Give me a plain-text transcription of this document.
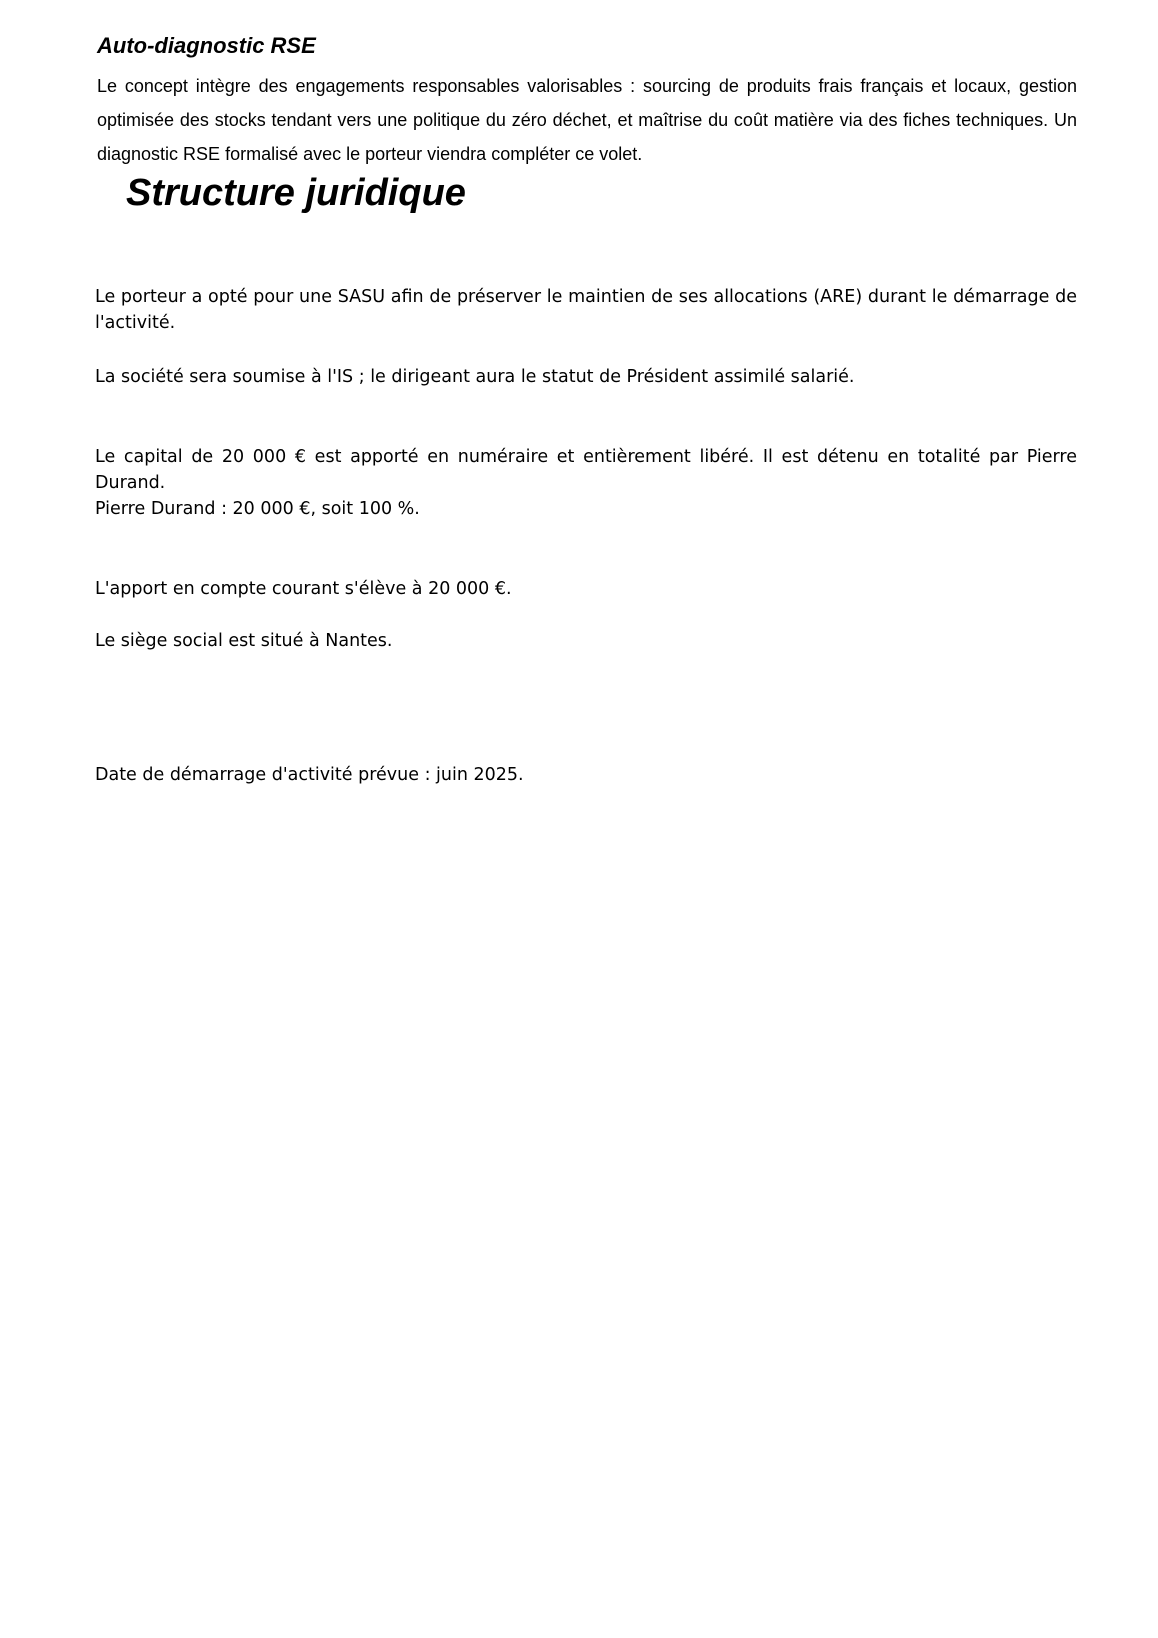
Auto-diagnostic RSE

Le concept intègre des engagements responsables valorisables : sourcing de produits frais français et locaux, gestion optimisée des stocks tendant vers une politique du zéro déchet, et maîtrise du coût matière via des fiches techniques. Un diagnostic RSE formalisé avec le porteur viendra compléter ce volet.

Structure juridique

Le porteur a opté pour une SASU afin de préserver le maintien de ses allocations (ARE) durant le démarrage de l'activité.

La société sera soumise à l'IS ; le dirigeant aura le statut de Président assimilé salarié.

Le capital de 20 000 € est apporté en numéraire et entièrement libéré. Il est détenu en totalité par Pierre Durand.
Pierre Durand : 20 000 €, soit 100 %.

L'apport en compte courant s'élève à 20 000 €.

Le siège social est situé à Nantes.

Date de démarrage d'activité prévue : juin 2025.
